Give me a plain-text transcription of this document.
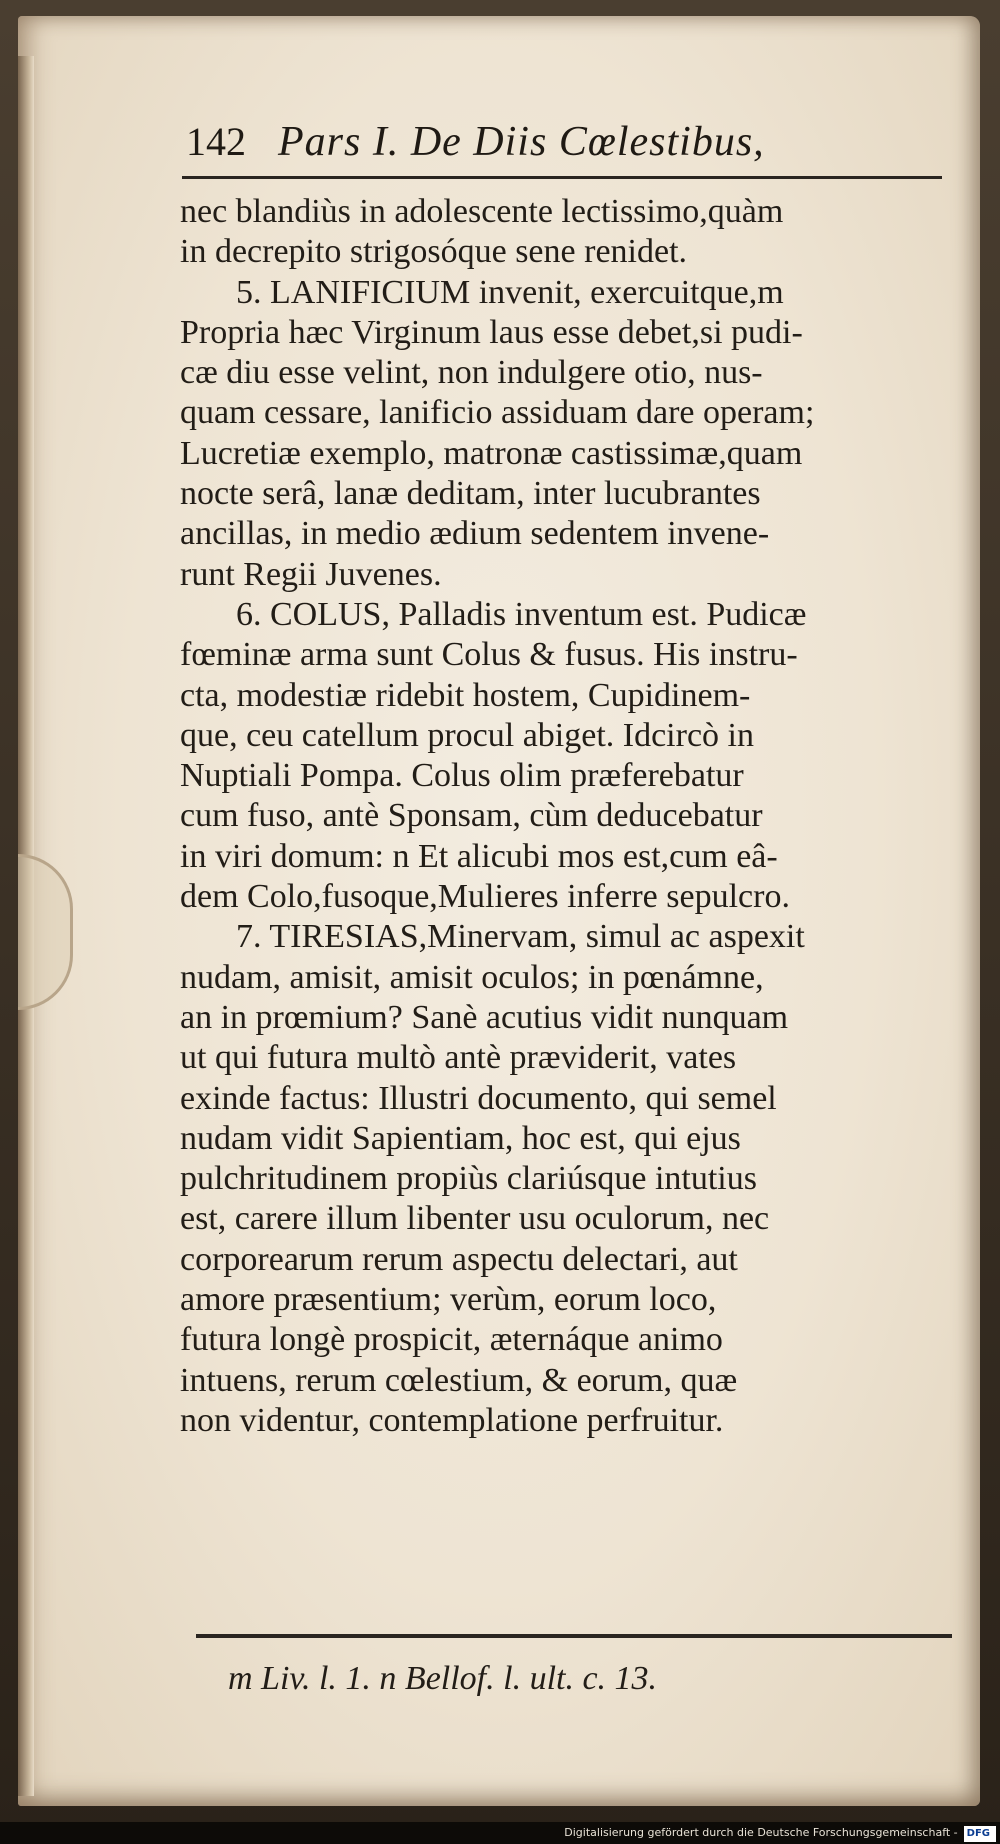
142 Pars I. De Diis Cœlestibus,
nec blandiùs in adolescente lectissimo,quàm
in decrepito strigosóque sene renidet.
5. LANIFICIUM invenit, exercuitque,m
Propria hæc Virginum laus esse debet,si pudi-
cæ diu esse velint, non indulgere otio, nus-
quam cessare, lanificio assiduam dare operam;
Lucretiæ exemplo, matronæ castissimæ,quam
nocte serâ, lanæ deditam, inter lucubrantes
ancillas, in medio ædium sedentem invene-
runt Regii Juvenes.
6. COLUS, Palladis inventum est. Pudicæ
fœminæ arma sunt Colus & fusus. His instru-
cta, modestiæ ridebit hostem, Cupidinem-
que, ceu catellum procul abiget. Idcircò in
Nuptiali Pompa. Colus olim præferebatur
cum fuso, antè Sponsam, cùm deducebatur
in viri domum: n Et alicubi mos est,cum eâ-
dem Colo,fusoque,Mulieres inferre sepulcro.
7. TIRESIAS,Minervam, simul ac aspexit
nudam, amisit, amisit oculos; in pœnámne,
an in prœmium? Sanè acutius vidit nunquam
ut qui futura multò antè præviderit, vates
exinde factus: Illustri documento, qui semel
nudam vidit Sapientiam, hoc est, qui ejus
pulchritudinem propiùs clariúsque intutius
est, carere illum libenter usu oculorum, nec
corporearum rerum aspectu delectari, aut
amore præsentium; verùm, eorum loco,
futura longè prospicit, æternáque animo
intuens, rerum cœlestium, & eorum, quæ
non videntur, contemplatione perfruitur.
m Liv. l. 1. n Bellof. l. ult. c. 13.
Digitalisierung gefördert durch die Deutsche Forschungsgemeinschaft - DFG
